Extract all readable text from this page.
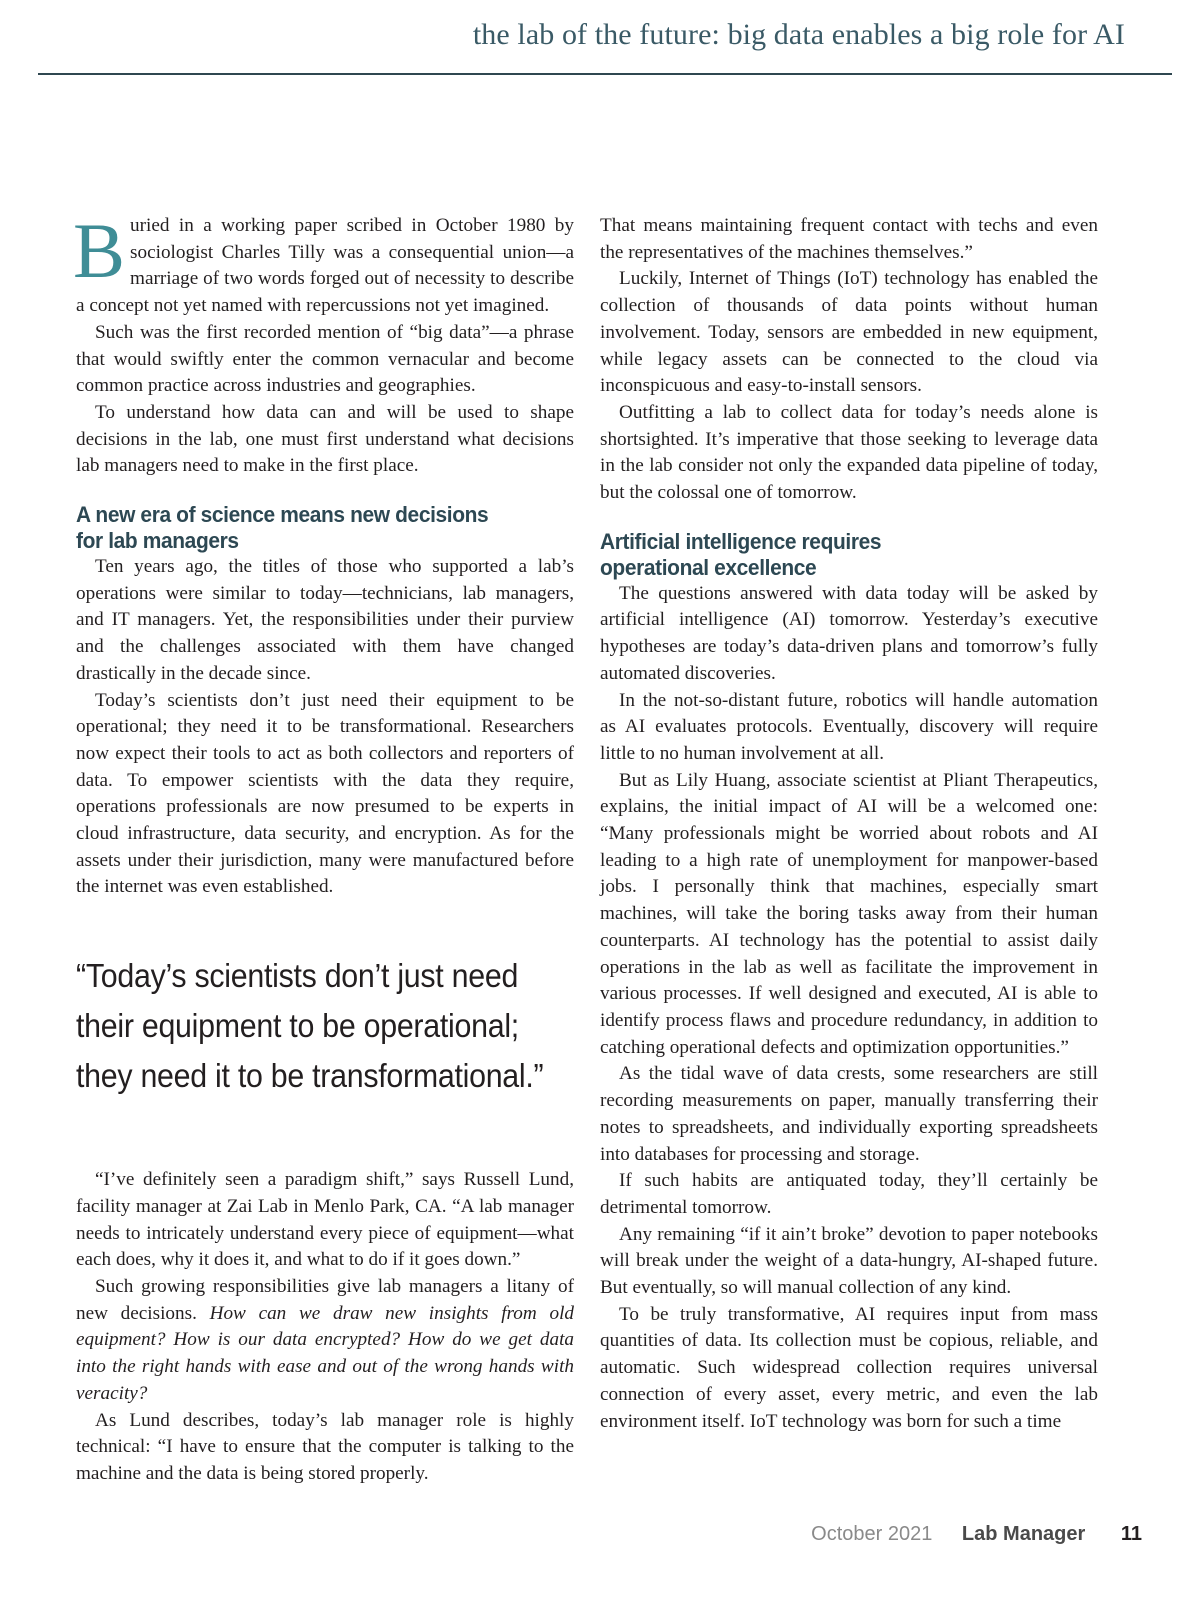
the lab of the future: big data enables a big role for AI

Buried in a working paper scribed in October 1980 by sociologist Charles Tilly was a consequential union—a marriage of two words forged out of necessity to describe a concept not yet named with repercussions not yet imagined.

Such was the first recorded mention of “big data”—a phrase that would swiftly enter the common vernacular and become common practice across industries and geographies.

To understand how data can and will be used to shape decisions in the lab, one must first understand what decisions lab managers need to make in the first place.

A new era of science means new decisions
for lab managers

Ten years ago, the titles of those who supported a lab’s operations were similar to today—technicians, lab managers, and IT managers. Yet, the responsibilities under their purview and the challenges associated with them have changed drastically in the decade since.

Today’s scientists don’t just need their equipment to be operational; they need it to be transformational. Researchers now expect their tools to act as both collectors and reporters of data. To empower scientists with the data they require, operations professionals are now presumed to be experts in cloud infrastructure, data security, and encryption. As for the assets under their jurisdiction, many were manufactured before the internet was even established.

“Today’s scientists don’t just need
their equipment to be operational;
they need it to be transformational.”

“I’ve definitely seen a paradigm shift,” says Russell Lund, facility manager at Zai Lab in Menlo Park, CA. “A lab manager needs to intricately understand every piece of equipment—what each does, why it does it, and what to do if it goes down.”

Such growing responsibilities give lab managers a litany of new decisions. How can we draw new insights from old equipment? How is our data encrypted? How do we get data into the right hands with ease and out of the wrong hands with veracity?

As Lund describes, today’s lab manager role is highly technical: “I have to ensure that the computer is talking to the machine and the data is being stored properly.

That means maintaining frequent contact with techs and even the representatives of the machines themselves.”

Luckily, Internet of Things (IoT) technology has enabled the collection of thousands of data points without human involvement. Today, sensors are embedded in new equipment, while legacy assets can be connected to the cloud via inconspicuous and easy-to-install sensors.

Outfitting a lab to collect data for today’s needs alone is shortsighted. It’s imperative that those seeking to leverage data in the lab consider not only the expanded data pipeline of today, but the colossal one of tomorrow.

Artificial intelligence requires
operational excellence

The questions answered with data today will be asked by artificial intelligence (AI) tomorrow. Yesterday’s executive hypotheses are today’s data-driven plans and tomorrow’s fully automated discoveries.

In the not-so-distant future, robotics will handle automation as AI evaluates protocols. Eventually, discovery will require little to no human involvement at all.

But as Lily Huang, associate scientist at Pliant Therapeutics, explains, the initial impact of AI will be a welcomed one: “Many professionals might be worried about robots and AI leading to a high rate of unemployment for manpower-based jobs. I personally think that machines, especially smart machines, will take the boring tasks away from their human counterparts. AI technology has the potential to assist daily operations in the lab as well as facilitate the improvement in various processes. If well designed and executed, AI is able to identify process flaws and procedure redundancy, in addition to catching operational defects and optimization opportunities.”

As the tidal wave of data crests, some researchers are still recording measurements on paper, manually transferring their notes to spreadsheets, and individually exporting spreadsheets into databases for processing and storage.

If such habits are antiquated today, they’ll certainly be detrimental tomorrow.

Any remaining “if it ain’t broke” devotion to paper notebooks will break under the weight of a data-hungry, AI-shaped future. But eventually, so will manual collection of any kind.

To be truly transformative, AI requires input from mass quantities of data. Its collection must be copious, reliable, and automatic. Such widespread collection requires universal connection of every asset, every metric, and even the lab environment itself. IoT technology was born for such a time

October 2021 Lab Manager 11
